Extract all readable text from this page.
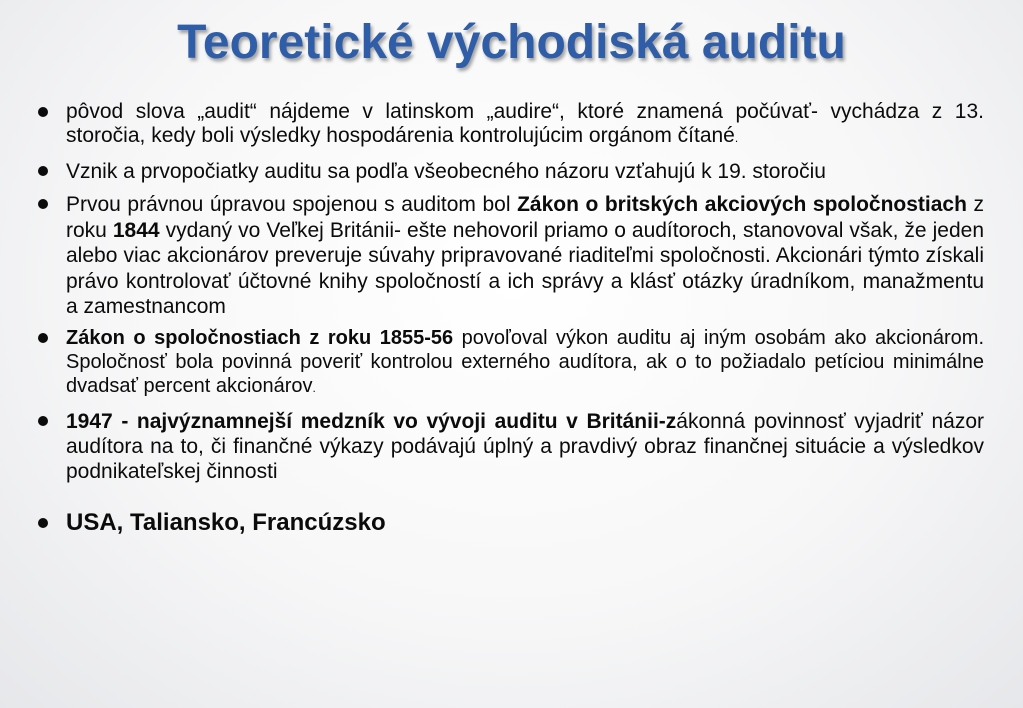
Teoretické východiská auditu
pôvod slova „audit“ nájdeme v latinskom „audire“, ktoré znamená počúvať- vychádza z 13. storočia, kedy boli výsledky hospodárenia kontrolujúcim orgánom čítané.
Vznik a prvopočiatky auditu sa podľa všeobecného názoru vzťahujú k 19. storočiu
Prvou právnou úpravou spojenou s auditom bol Zákon o britských akciových spoločnostiach z roku 1844 vydaný vo Veľkej Británii- ešte nehovoril priamo o audítoroch, stanovoval však, že jeden alebo viac akcionárov preveruje súvahy pripravované riaditeľmi spoločnosti. Akcionári týmto získali právo kontrolovať účtovné knihy spoločností a ich správy a klásť otázky úradníkom, manažmentu a zamestnancom
Zákon o spoločnostiach z roku 1855-56 povoľoval výkon auditu aj iným osobám ako akcionárom. Spoločnosť bola povinná poveriť kontrolou externého audítora, ak o to požiadalo petíciou minimálne dvadsať percent akcionárov.
1947 - najvýznamnejší medzník vo vývoji auditu v Británii-zákonná povinnosť vyjadriť názor audítora na to, či finančné výkazy podávajú úplný a pravdivý obraz finančnej situácie a výsledkov podnikateľskej činnosti
USA, Taliansko, Francúzsko
